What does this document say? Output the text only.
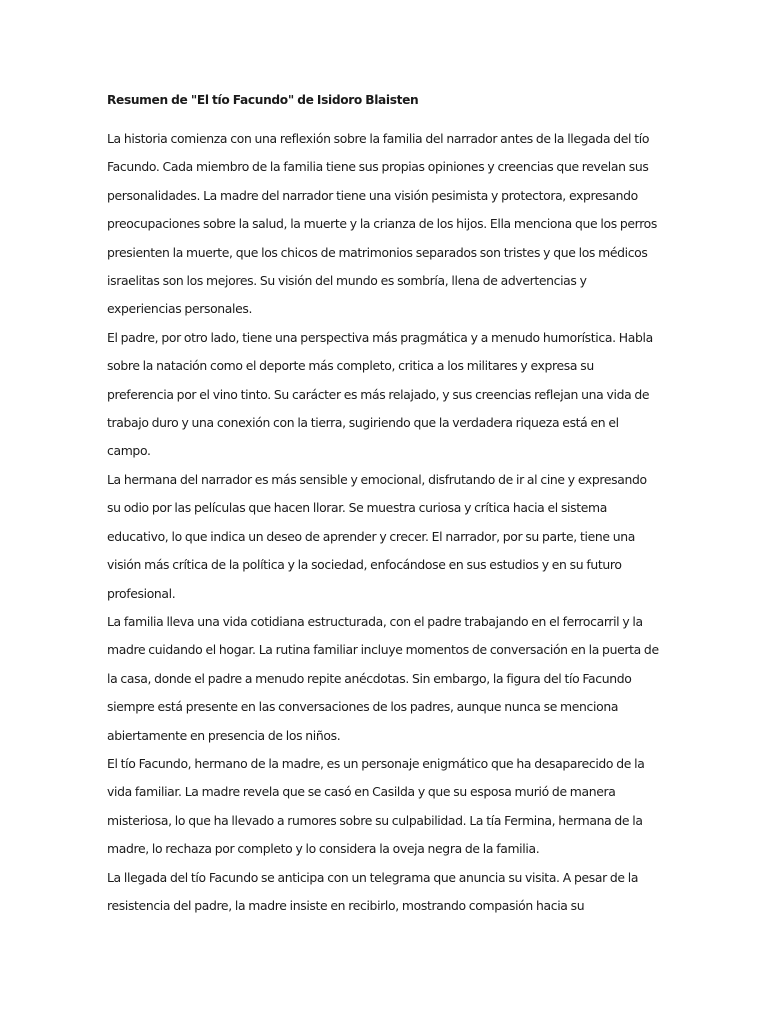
Resumen de "El tío Facundo" de Isidoro Blaisten

La historia comienza con una reflexión sobre la familia del narrador antes de la llegada del tío Facundo. Cada miembro de la familia tiene sus propias opiniones y creencias que revelan sus personalidades. La madre del narrador tiene una visión pesimista y protectora, expresando preocupaciones sobre la salud, la muerte y la crianza de los hijos. Ella menciona que los perros presienten la muerte, que los chicos de matrimonios separados son tristes y que los médicos israelitas son los mejores. Su visión del mundo es sombría, llena de advertencias y experiencias personales.

El padre, por otro lado, tiene una perspectiva más pragmática y a menudo humorística. Habla sobre la natación como el deporte más completo, critica a los militares y expresa su preferencia por el vino tinto. Su carácter es más relajado, y sus creencias reflejan una vida de trabajo duro y una conexión con la tierra, sugiriendo que la verdadera riqueza está en el campo.

La hermana del narrador es más sensible y emocional, disfrutando de ir al cine y expresando su odio por las películas que hacen llorar. Se muestra curiosa y crítica hacia el sistema educativo, lo que indica un deseo de aprender y crecer. El narrador, por su parte, tiene una visión más crítica de la política y la sociedad, enfocándose en sus estudios y en su futuro profesional.

La familia lleva una vida cotidiana estructurada, con el padre trabajando en el ferrocarril y la madre cuidando el hogar. La rutina familiar incluye momentos de conversación en la puerta de la casa, donde el padre a menudo repite anécdotas. Sin embargo, la figura del tío Facundo siempre está presente en las conversaciones de los padres, aunque nunca se menciona abiertamente en presencia de los niños.

El tío Facundo, hermano de la madre, es un personaje enigmático que ha desaparecido de la vida familiar. La madre revela que se casó en Casilda y que su esposa murió de manera misteriosa, lo que ha llevado a rumores sobre su culpabilidad. La tía Fermina, hermana de la madre, lo rechaza por completo y lo considera la oveja negra de la familia.

La llegada del tío Facundo se anticipa con un telegrama que anuncia su visita. A pesar de la resistencia del padre, la madre insiste en recibirlo, mostrando compasión hacia su
